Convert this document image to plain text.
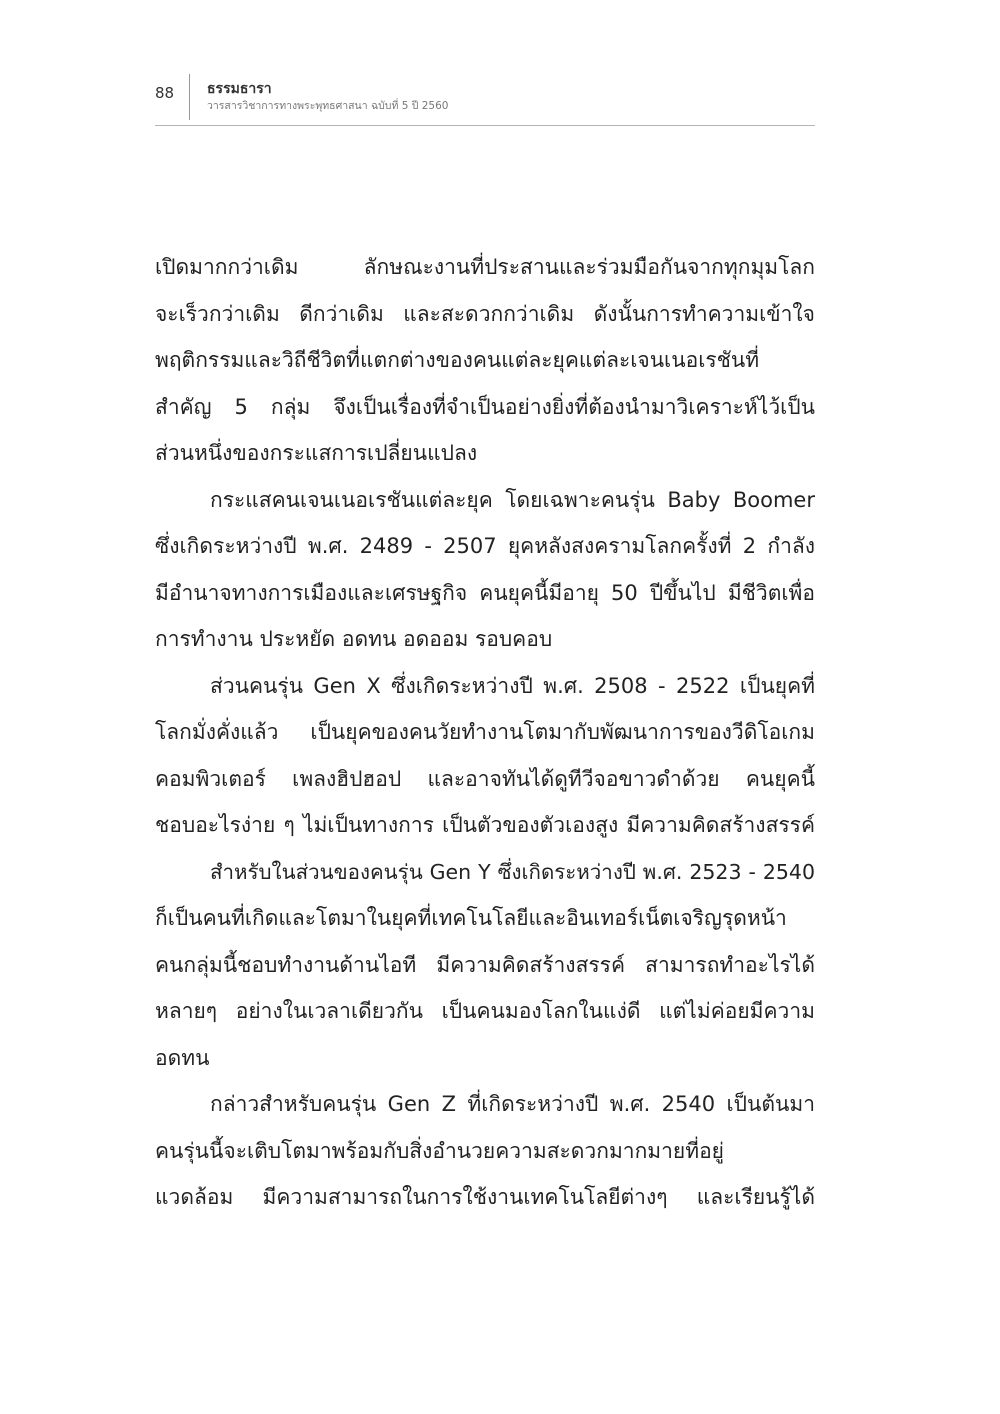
88 ธรรมธารา
วารสารวิชาการทางพระพุทธศาสนา ฉบับที่ 5 ปี 2560
เปิดมากกว่าเดิม ลักษณะงานที่ประสานและร่วมมือกันจากทุกมุมโลก
จะเร็วกว่าเดิม ดีกว่าเดิม และสะดวกกว่าเดิม ดังนั้นการทำความเข้าใจ
พฤติกรรมและวิถีชีวิตที่แตกต่างของคนแต่ละยุคแต่ละเจนเนอเรชันที่
สำคัญ 5 กลุ่ม จึงเป็นเรื่องที่จำเป็นอย่างยิ่งที่ต้องนำมาวิเคราะห์ไว้เป็น
ส่วนหนึ่งของกระแสการเปลี่ยนแปลง
กระแสคนเจนเนอเรชันแต่ละยุค โดยเฉพาะคนรุ่น Baby Boomer
ซึ่งเกิดระหว่างปี พ.ศ. 2489 - 2507 ยุคหลังสงครามโลกครั้งที่ 2 กำลัง
มีอำนาจทางการเมืองและเศรษฐกิจ คนยุคนี้มีอายุ 50 ปีขึ้นไป มีชีวิตเพื่อ
การทำงาน ประหยัด อดทน อดออม รอบคอบ
ส่วนคนรุ่น Gen X ซึ่งเกิดระหว่างปี พ.ศ. 2508 - 2522 เป็นยุคที่
โลกมั่งคั่งแล้ว เป็นยุคของคนวัยทำงานโตมากับพัฒนาการของวีดิโอเกม
คอมพิวเตอร์ เพลงฮิปฮอป และอาจทันได้ดูทีวีจอขาวดำด้วย คนยุคนี้
ชอบอะไรง่าย ๆ ไม่เป็นทางการ เป็นตัวของตัวเองสูง มีความคิดสร้างสรรค์
สำหรับในส่วนของคนรุ่น Gen Y ซึ่งเกิดระหว่างปี พ.ศ. 2523 - 2540
ก็เป็นคนที่เกิดและโตมาในยุคที่เทคโนโลยีและอินเทอร์เน็ตเจริญรุดหน้า
คนกลุ่มนี้ชอบทำงานด้านไอที มีความคิดสร้างสรรค์ สามารถทำอะไรได้
หลายๆ อย่างในเวลาเดียวกัน เป็นคนมองโลกในแง่ดี แต่ไม่ค่อยมีความ
อดทน
กล่าวสำหรับคนรุ่น Gen Z ที่เกิดระหว่างปี พ.ศ. 2540 เป็นต้นมา
คนรุ่นนี้จะเติบโตมาพร้อมกับสิ่งอำนวยความสะดวกมากมายที่อยู่
แวดล้อม มีความสามารถในการใช้งานเทคโนโลยีต่างๆ และเรียนรู้ได้
